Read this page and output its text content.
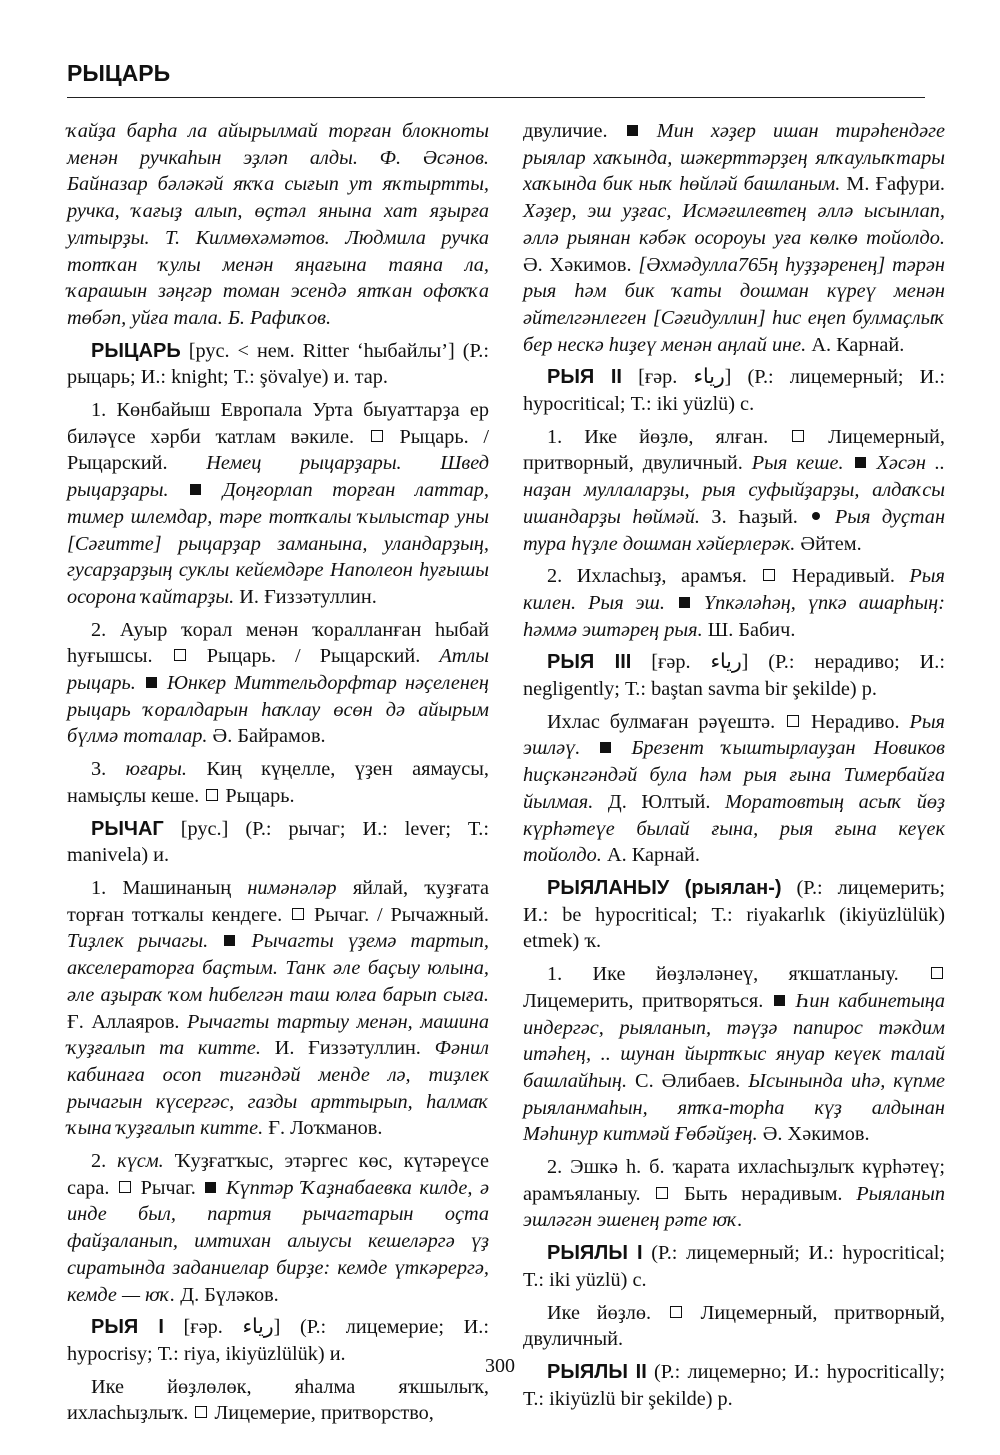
РЫЦАРЬ

ҡайҙа барһа ла айырылмай торған блокноты менән ручкаһын эҙләп алды. Ф. Әсәнов. Байназар бәләкәй яҡҡа сығып ут яҡтыртты, ручка, ҡағыҙ алып, өҫтәл янына хат яҙырға ултырҙы. Т. Килмөхәмәтов. Людмила ручка тотҡан ҡулы менән яңағына таяна ла, ҡарашын зәңгәр томан эсендә ятҡан офоҡҡа төбәп, уйға тала. Б. Рафиҡов.

РЫЦАРЬ [рус. < нем. Ritter ‘һыбайлы’] (Р.: рыцарь; И.: knight; Т.: şövalye) и. тар.

1. Көнбайыш Европала Урта быуаттарҙа ер биләүсе хәрби ҡатлам вәкиле. Рыцарь. / Рыцарский. Немец рыцарҙары. Швед рыцарҙары.	Доңғорлап торған латтар, тимер шлемдар, тәре тотҡалы ҡылыстар уны [Сәғитте] рыцарҙар заманына, уландарҙың, гусарҙарҙың суклы кейемдәре Наполеон һуғышы осорона ҡайтарҙы. И. Ғиззәтуллин.

2. Ауыр ҡорал менән ҡоралланған һыбай һуғышсы.	Рыцарь. / Рыцарский. Атлы рыцарь. Юнкер Миттельдорфтар нәҫеленең рыцарь ҡоралдарын һаҡлау өсөн дә айырым бүлмә тоталар. Ә. Байрамов.

3. юғары. Киң күңелле, үҙен аямаусы, намыҫлы кеше. Рыцарь.

РЫЧАГ [рус.] (Р.: рычаг; И.: lever; Т.: manivela) и.

1. Машинаның нимәнәләр яйлай, ҡуҙғата торған тотҡалы кендеге. Рычаг. / Рычажный. Тиҙлек рычагы. Рычагты үҙемә тартып, акселераторға баҫтым. Танк әле баҫыу юлына, әле аҙыраҡ ҡом һибелгән таш юлға барып сыға. Ғ. Аллаяров. Рычагты тартыу менән, машина ҡуҙғалып та китте. И. Ғиззәтуллин. Фәнил кабинаға осоп тигәндәй менде лә, тиҙлек рычагын күсергәс, газды арттырып, һалмаҡ ҡына ҡуҙғалып китте. Ғ. Лоҡманов.

2. күсм. Ҡуҙғатҡыс, этәргес көс, күтәреүсе сара. Рычаг. Күптәр Ҡаҙнабаевка килде, ә инде был, партия рычагтарын оҫта файҙаланып, имтихан алыусы кешеләргә үҙ сиратында заданиелар бирҙе: кемде үткәрергә, кемде — юҡ. Д. Бүләков.

РЫЯ I [ғәр. ریاء] (Р.: лицемерие; И.: hypocrisy; Т.: riya, ikiyüzlülük) и.

Ике йөҙлөлөк, яһалма яҡшылыҡ, ихласһыҙлыҡ. Лицемерие, притворство,

двуличие. Мин хәҙер ишан тирәһендәге рыялар хаҡында, шәкерттәрҙең ялҡаулыҡтары хаҡында бик ныҡ һөйләй башланым. М. Ғафури. Хәҙер, эш уҙғас, Исмәғилевтең әллә ысынлап, әллә рыянан кәбәк осороуы уға көлкө тойолдо. Ә. Хәкимов. [Әхмәдулла765ң һуҙҙәренең] тәрән рыя һәм бик ҡаты дошман күреү менән әйтелгәнлеген [Сәғидуллин] һис еңеп булмаҫлыҡ бер нескә һиҙеү менән аңлай ине. А. Карнай.

РЫЯ II [ғәр. ریاء] (Р.: лицемерный; И.: hypocritical; Т.: iki yüzlü) с.

1. Ике йөҙлө, ялған.	Лицемерный, притворный, двуличный. Рыя кеше. Хәсән .. наҙан муллаларҙы, рыя суфыйҙарҙы, алдаҡсы ишандарҙы һөймәй. З. Һаҙый. Рыя дуҫтан тура һүҙле дошман хәйерлерәк. Әйтем.

2. Ихласһыҙ, арамъя. Нерадивый. Рыя килен. Рыя эш. Үпкәләһәң, үпкә ашарһың: һәммә эштәрең рыя. Ш. Бабич.

РЫЯ III [ғәр. ریاء] (Р.: нерадиво; И.: negligently; Т.: baştan savma bir şekilde) р.

Ихлас булмаған рәүештә. Нерадиво. Рыя эшләү.	Брезент ҡыштырлауҙан Новиков һиҫкәнгәндәй була һәм рыя ғына Тимербайға йылмая. Д. Юлтый. Моратовтың асыҡ йөҙ күрһәтеүе былай ғына, рыя ғына кеүек тойолдо. А. Карнай.

РЫЯЛАНЫУ (рыялан-) (Р.: лицемерить; И.: be hypocritical; Т.: riyakarlık (ikiyüzlülük) etmek) ҡ.

1. Ике йөҙләләнеү, яҡшатланыу.  Лицемерить, притворяться. Һин кабинетыңа индергәс, рыяланып, тәүҙә папирос тәкдим итәһең, .. шунан йыртҡыс януар кеүек талай башлайһың. С. Әлибаев. Ысынында иһә, күпме рыяланмаһын, ятҡа-торһа күҙ алдынан Мәһинур китмәй Ғөбәйҙең. Ә. Хәкимов.

2. Эшкә һ. б. ҡарата ихласһыҙлыҡ күрһәтеү; арамъяланыу. Быть нерадивым. Рыяланып эшләгән эшенең рәте юҡ.

РЫЯЛЫ I (Р.: лицемерный; И.: hypocritical; Т.: iki yüzlü) с.

Ике йөҙлө. Лицемерный, притворный, двуличный.

РЫЯЛЫ II (Р.: лицемерно; И.: hypocritically; Т.: ikiyüzlü bir şekilde) р.

300
